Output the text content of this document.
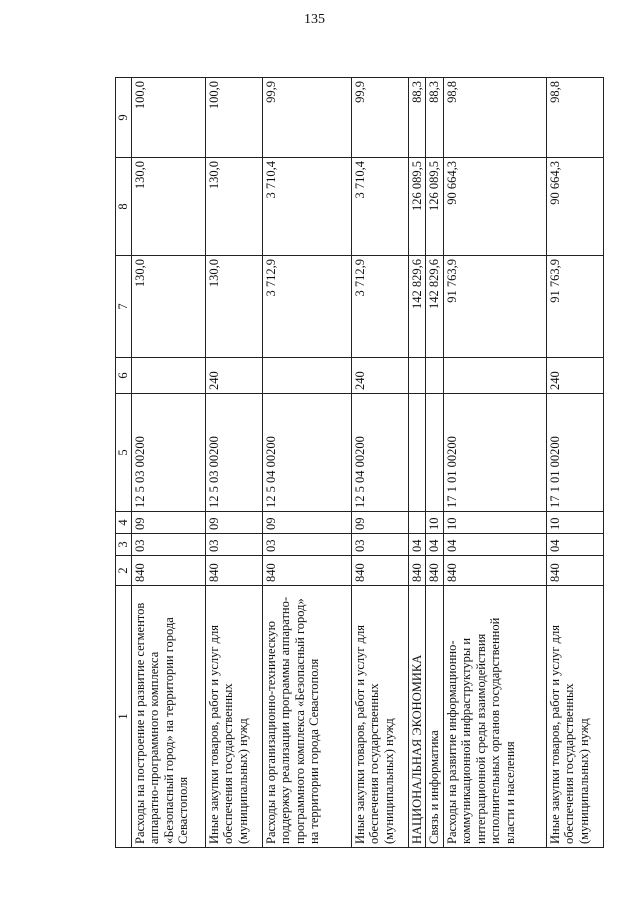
135
1	2	3	4	5	6	7	8	9
Расходы на построение и развитие сегментов аппаратно-программного комплекса «Безопасный город» на территории города Севастополя	840	03	09	12 5 03 00200		130,0	130,0	100,0
Иные закупки товаров, работ и услуг для обеспечения государственных (муниципальных) нужд	840	03	09	12 5 03 00200	240	130,0	130,0	100,0
Расходы на организационно-техническую поддержку реализации программы аппаратно-программного комплекса «Безопасный город» на территории города Севастополя	840	03	09	12 5 04 00200		3 712,9	3 710,4	99,9
Иные закупки товаров, работ и услуг для обеспечения государственных (муниципальных) нужд	840	03	09	12 5 04 00200	240	3 712,9	3 710,4	99,9
НАЦИОНАЛЬНАЯ ЭКОНОМИКА	840	04				142 829,6	126 089,5	88,3
Связь и информатика	840	04	10			142 829,6	126 089,5	88,3
Расходы на развитие информационно-коммуникационной инфраструктуры и интеграционной среды взаимодействия исполнительных органов государственной власти и населения	840	04	10	17 1 01 00200		91 763,9	90 664,3	98,8
Иные закупки товаров, работ и услуг для обеспечения государственных (муниципальных) нужд	840	04	10	17 1 01 00200	240	91 763,9	90 664,3	98,8
